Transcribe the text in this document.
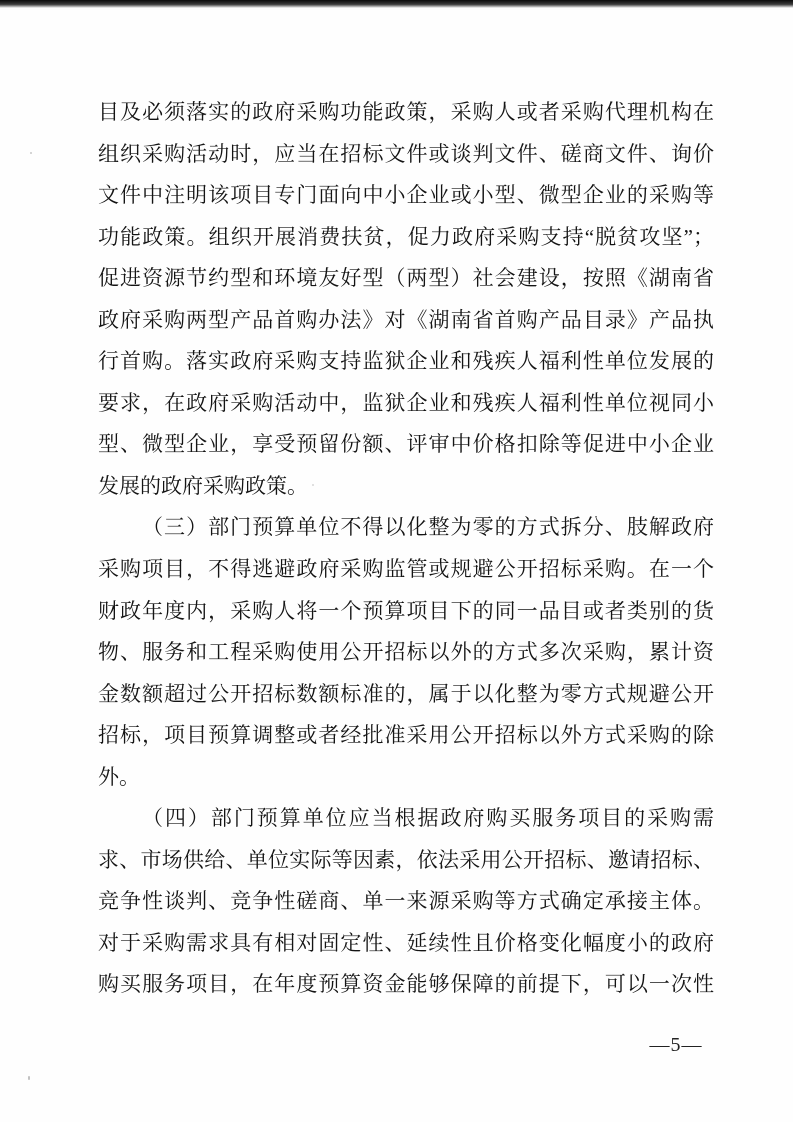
目及必须落实的政府采购功能政策，采购人或者采购代理机构在

组织采购活动时，应当在招标文件或谈判文件、磋商文件、询价

文件中注明该项目专门面向中小企业或小型、微型企业的采购等

功能政策。组织开展消费扶贫，促力政府采购支持“脱贫攻坚”；

促进资源节约型和环境友好型（两型）社会建设，按照《湖南省

政府采购两型产品首购办法》对《湖南省首购产品目录》产品执

行首购。落实政府采购支持监狱企业和残疾人福利性单位发展的

要求，在政府采购活动中，监狱企业和残疾人福利性单位视同小

型、微型企业，享受预留份额、评审中价格扣除等促进中小企业

发展的政府采购政策。

（三）部门预算单位不得以化整为零的方式拆分、肢解政府

采购项目，不得逃避政府采购监管或规避公开招标采购。在一个

财政年度内，采购人将一个预算项目下的同一品目或者类别的货

物、服务和工程采购使用公开招标以外的方式多次采购，累计资

金数额超过公开招标数额标准的，属于以化整为零方式规避公开

招标，项目预算调整或者经批准采用公开招标以外方式采购的除

外。

（四）部门预算单位应当根据政府购买服务项目的采购需

求、市场供给、单位实际等因素，依法采用公开招标、邀请招标、

竞争性谈判、竞争性磋商、单一来源采购等方式确定承接主体。

对于采购需求具有相对固定性、延续性且价格变化幅度小的政府

购买服务项目，在年度预算资金能够保障的前提下，可以一次性

—5—
